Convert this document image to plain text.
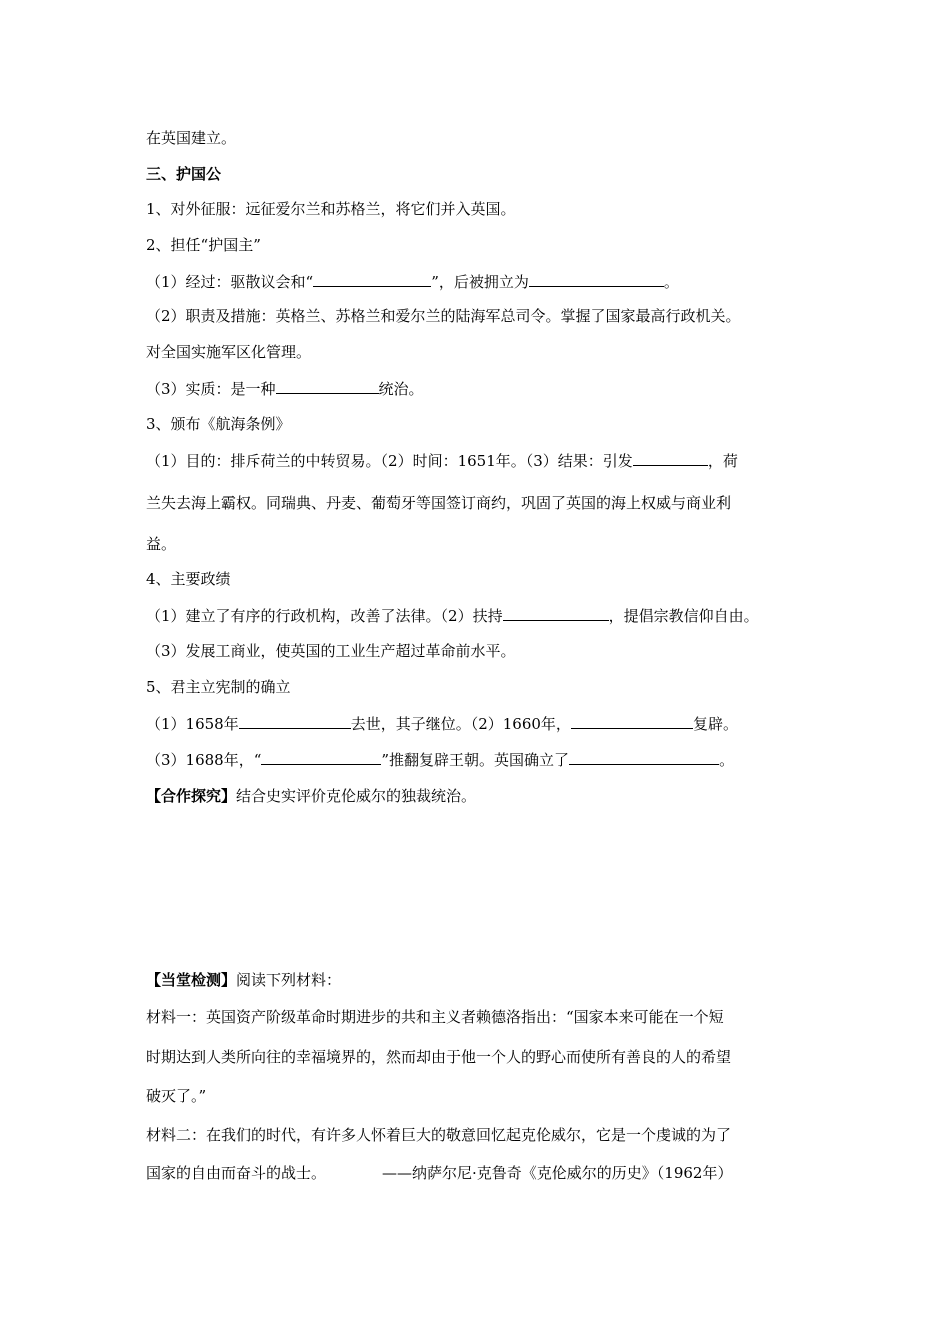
在英国建立。
三、护国公
1、对外征服：远征爱尔兰和苏格兰，将它们并入英国。
2、担任“护国主”
（1）经过：驱散议会和“	”，后被拥立为	。
（2）职责及措施：英格兰、苏格兰和爱尔兰的陆海军总司令。掌握了国家最高行政机关。
对全国实施军区化管理。
（3）实质：是一种	统治。
3、颁布《航海条例》
（1）目的：排斥荷兰的中转贸易。（2）时间：1651年。（3）结果：引发	，荷
兰失去海上霸权。同瑞典、丹麦、葡萄牙等国签订商约，巩固了英国的海上权威与商业利
益。
4、主要政绩
（1）建立了有序的行政机构，改善了法律。（2）扶持	，提倡宗教信仰自由。
（3）发展工商业，使英国的工业生产超过革命前水平。
5、君主立宪制的确立
（1）1658年	去世，其子继位。（2）1660年，	复辟。
（3）1688年，“	”推翻复辟王朝。英国确立了	。
【合作探究】结合史实评价克伦威尔的独裁统治。
【当堂检测】阅读下列材料：
材料一：英国资产阶级革命时期进步的共和主义者赖德洛指出：“国家本来可能在一个短
时期达到人类所向往的幸福境界的，然而却由于他一个人的野心而使所有善良的人的希望
破灭了。”
材料二：在我们的时代，有许多人怀着巨大的敬意回忆起克伦威尔，它是一个虔诚的为了
国家的自由而奋斗的战士。	——纳萨尔尼·克鲁奇《克伦威尔的历史》（1962年）
